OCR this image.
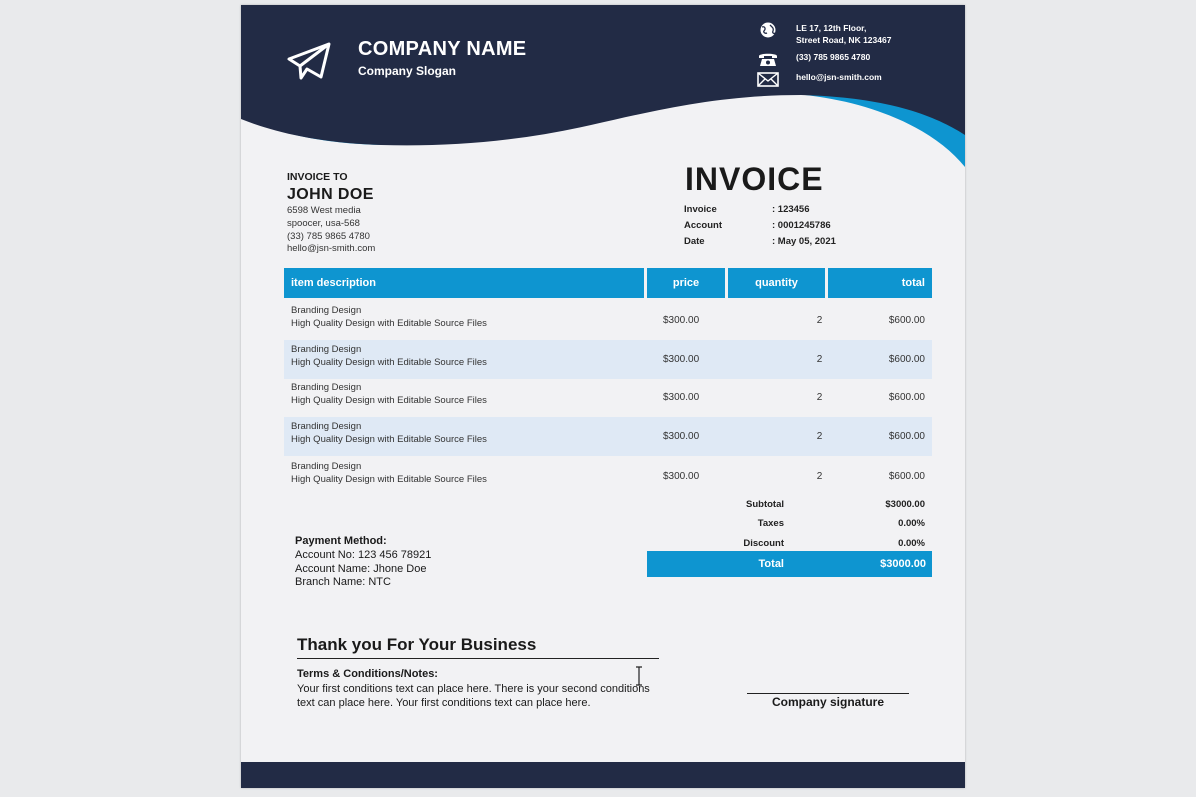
COMPANY NAME
Company Slogan
LE 17, 12th Floor,
Street Road, NK 123467
(33) 785 9865 4780
hello@jsn-smith.com
INVOICE TO
JOHN DOE
6598 West media
spoocer, usa-568
(33) 785 9865 4780
hello@jsn-smith.com
INVOICE
Invoice	: 123456
Account	: 0001245786
Date	: May 05, 2021
item description	price	quantity	total
Branding Design
High Quality Design with Editable Source Files	$300.00	2	$600.00
Branding Design
High Quality Design with Editable Source Files	$300.00	2	$600.00
Branding Design
High Quality Design with Editable Source Files	$300.00	2	$600.00
Branding Design
High Quality Design with Editable Source Files	$300.00	2	$600.00
Branding Design
High Quality Design with Editable Source Files	$300.00	2	$600.00
Subtotal	$3000.00
Taxes	0.00%
Discount	0.00%
Total	$3000.00
Payment Method:
Account No: 123 456 78921
Account Name: Jhone Doe
Branch Name: NTC
Thank you For Your Business
Terms & Conditions/Notes:
Your first conditions text can place here. There is your second conditions text can place here. Your first conditions text can place here.	Company signature
